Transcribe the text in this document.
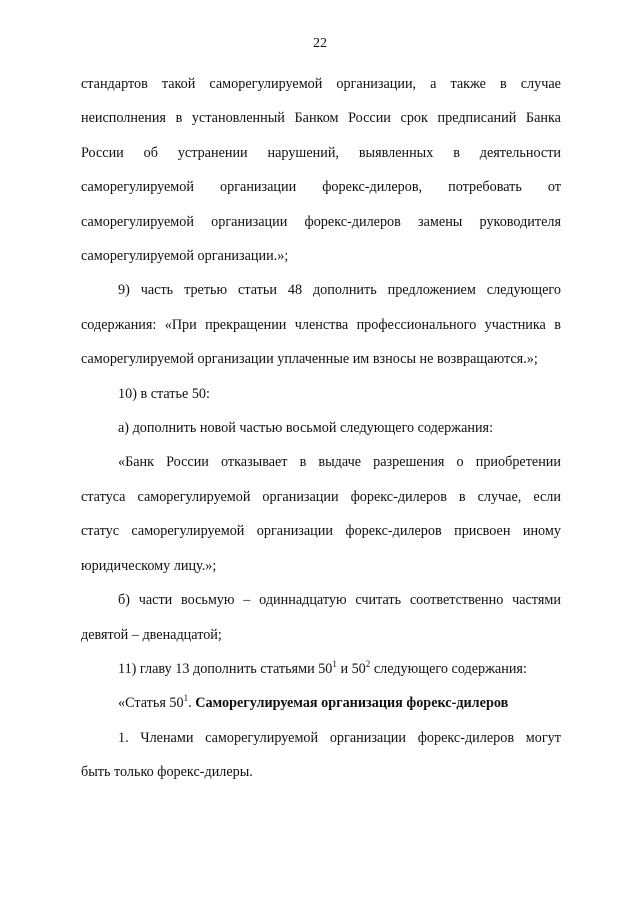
22
стандартов такой саморегулируемой организации, а также в случае
неисполнения в установленный Банком России срок предписаний Банка
России об устранении нарушений, выявленных в деятельности
саморегулируемой организации форекс-дилеров, потребовать от
саморегулируемой организации форекс-дилеров замены руководителя
саморегулируемой организации.»;
9) часть третью статьи 48 дополнить предложением следующего
содержания: «При прекращении членства профессионального участника в
саморегулируемой организации уплаченные им взносы не возвращаются.»;
10) в статье 50:
а) дополнить новой частью восьмой следующего содержания:
«Банк России отказывает в выдаче разрешения о приобретении
статуса саморегулируемой организации форекс-дилеров в случае, если
статус саморегулируемой организации форекс-дилеров присвоен иному
юридическому лицу.»;
б) части восьмую – одиннадцатую считать соответственно частями
девятой – двенадцатой;
11) главу 13 дополнить статьями $50^1$ и $50^2$ следующего содержания:
«Статья $50^1$. Саморегулируемая организация форекс-дилеров
1. Членами саморегулируемой организации форекс-дилеров могут
быть только форекс-дилеры.
